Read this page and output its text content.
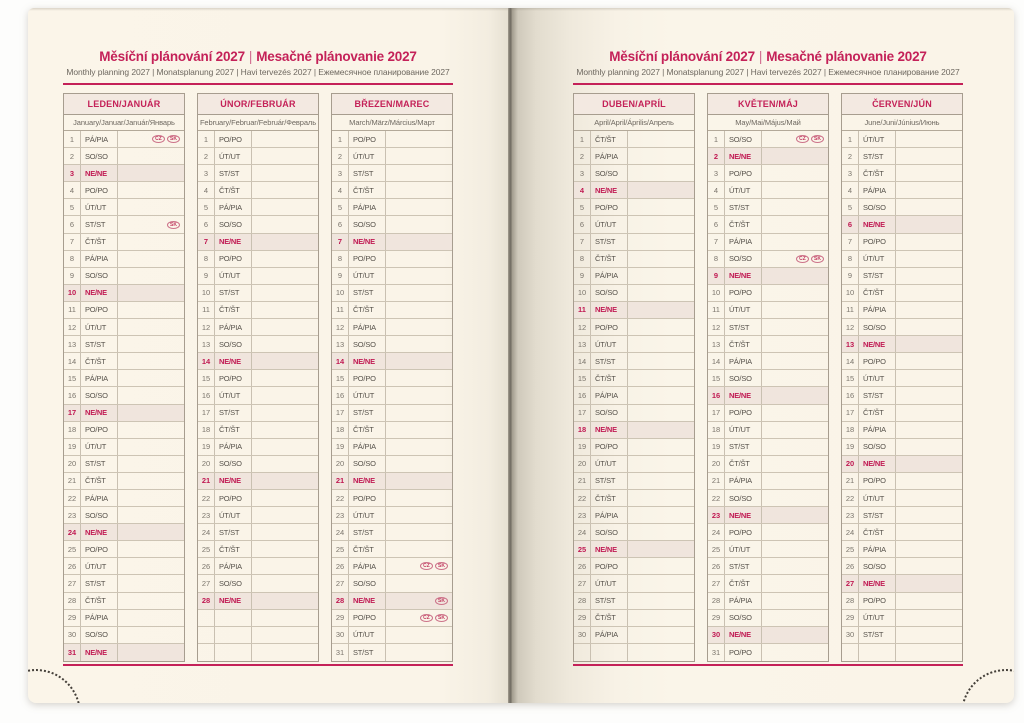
Měsíční plánování 2027 | Mesačné plánovanie 2027
Monthly planning 2027 | Monatsplanung 2027 | Havi tervezés 2027 | Ежемесячное планирование 2027
LEDEN/JANUÁR
January/Januar/Január/Январь
1	PÁ/PIA	CZ	SK
2	SO/SO
3	NE/NE
4	PO/PO
5	ÚT/UT
6	ST/ST	SK
7	ČT/ŠT
8	PÁ/PIA
9	SO/SO
10	NE/NE
11	PO/PO
12	ÚT/UT
13	ST/ST
14	ČT/ŠT
15	PÁ/PIA
16	SO/SO
17	NE/NE
18	PO/PO
19	ÚT/UT
20	ST/ST
21	ČT/ŠT
22	PÁ/PIA
23	SO/SO
24	NE/NE
25	PO/PO
26	ÚT/UT
27	ST/ST
28	ČT/ŠT
29	PÁ/PIA
30	SO/SO
31	NE/NE
ÚNOR/FEBRUÁR
February/Februar/Február/Февраль
1	PO/PO
2	ÚT/UT
3	ST/ST
4	ČT/ŠT
5	PÁ/PIA
6	SO/SO
7	NE/NE
8	PO/PO
9	ÚT/UT
10	ST/ST
11	ČT/ŠT
12	PÁ/PIA
13	SO/SO
14	NE/NE
15	PO/PO
16	ÚT/UT
17	ST/ST
18	ČT/ŠT
19	PÁ/PIA
20	SO/SO
21	NE/NE
22	PO/PO
23	ÚT/UT
24	ST/ST
25	ČT/ŠT
26	PÁ/PIA
27	SO/SO
28	NE/NE
BŘEZEN/MAREC
March/März/Március/Март
1	PO/PO
2	ÚT/UT
3	ST/ST
4	ČT/ŠT
5	PÁ/PIA
6	SO/SO
7	NE/NE
8	PO/PO
9	ÚT/UT
10	ST/ST
11	ČT/ŠT
12	PÁ/PIA
13	SO/SO
14	NE/NE
15	PO/PO
16	ÚT/UT
17	ST/ST
18	ČT/ŠT
19	PÁ/PIA
20	SO/SO
21	NE/NE
22	PO/PO
23	ÚT/UT
24	ST/ST
25	ČT/ŠT
26	PÁ/PIA	CZ	SK
27	SO/SO
28	NE/NE	SK
29	PO/PO	CZ	SK
30	ÚT/UT
31	ST/ST
Měsíční plánování 2027 | Mesačné plánovanie 2027
Monthly planning 2027 | Monatsplanung 2027 | Havi tervezés 2027 | Ежемесячное планирование 2027
DUBEN/APRÍL
April/April/Április/Апрель
1	ČT/ŠT
2	PÁ/PIA
3	SO/SO
4	NE/NE
5	PO/PO
6	ÚT/UT
7	ST/ST
8	ČT/ŠT
9	PÁ/PIA
10	SO/SO
11	NE/NE
12	PO/PO
13	ÚT/UT
14	ST/ST
15	ČT/ŠT
16	PÁ/PIA
17	SO/SO
18	NE/NE
19	PO/PO
20	ÚT/UT
21	ST/ST
22	ČT/ŠT
23	PÁ/PIA
24	SO/SO
25	NE/NE
26	PO/PO
27	ÚT/UT
28	ST/ST
29	ČT/ŠT
30	PÁ/PIA
KVĚTEN/MÁJ
May/Mai/Május/Май
1	SO/SO	CZ	SK
2	NE/NE
3	PO/PO
4	ÚT/UT
5	ST/ST
6	ČT/ŠT
7	PÁ/PIA
8	SO/SO	CZ	SK
9	NE/NE
10	PO/PO
11	ÚT/UT
12	ST/ST
13	ČT/ŠT
14	PÁ/PIA
15	SO/SO
16	NE/NE
17	PO/PO
18	ÚT/UT
19	ST/ST
20	ČT/ŠT
21	PÁ/PIA
22	SO/SO
23	NE/NE
24	PO/PO
25	ÚT/UT
26	ST/ST
27	ČT/ŠT
28	PÁ/PIA
29	SO/SO
30	NE/NE
31	PO/PO
ČERVEN/JÚN
June/Juni/Június/Июнь
1	ÚT/UT
2	ST/ST
3	ČT/ŠT
4	PÁ/PIA
5	SO/SO
6	NE/NE
7	PO/PO
8	ÚT/UT
9	ST/ST
10	ČT/ŠT
11	PÁ/PIA
12	SO/SO
13	NE/NE
14	PO/PO
15	ÚT/UT
16	ST/ST
17	ČT/ŠT
18	PÁ/PIA
19	SO/SO
20	NE/NE
21	PO/PO
22	ÚT/UT
23	ST/ST
24	ČT/ŠT
25	PÁ/PIA
26	SO/SO
27	NE/NE
28	PO/PO
29	ÚT/UT
30	ST/ST
